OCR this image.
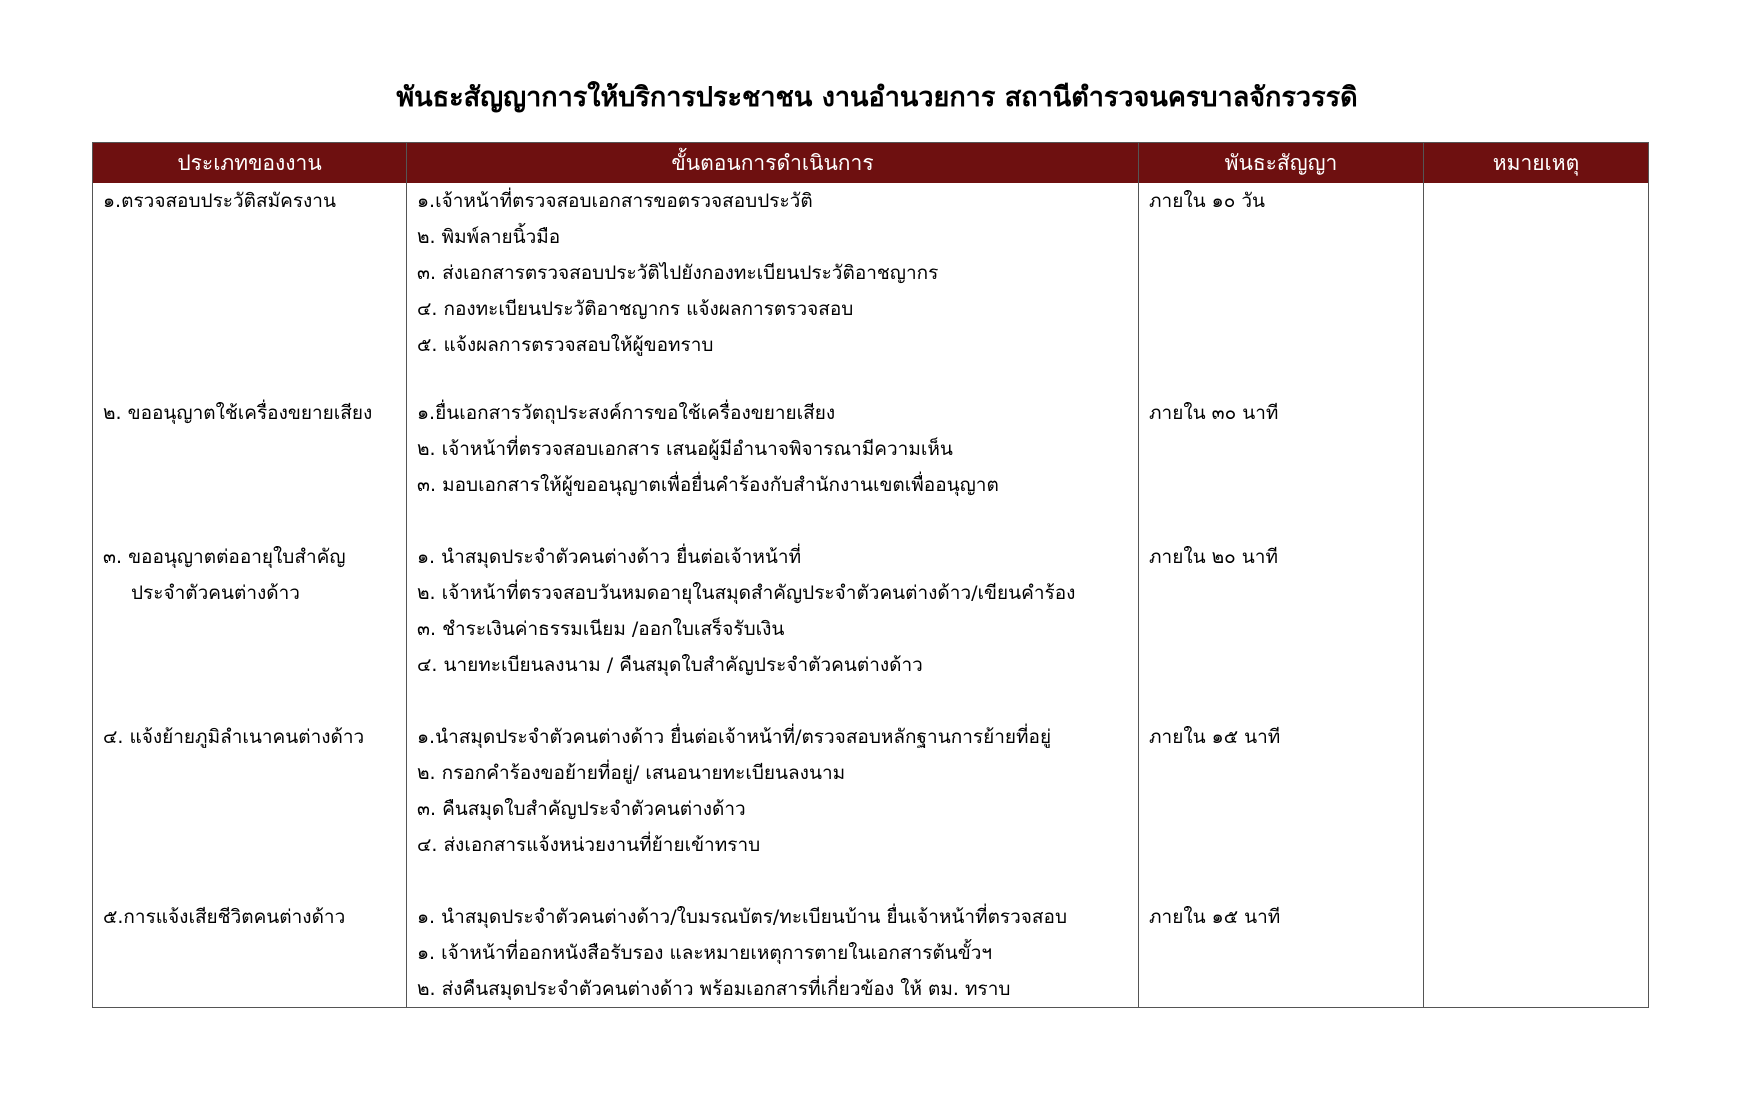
พันธะสัญญาการให้บริการประชาชน งานอำนวยการ สถานีตำรวจนครบาลจักรวรรดิ
ประเภทของงาน	ขั้นตอนการดำเนินการ	พันธะสัญญา	หมายเหตุ

๑.ตรวจสอบประวัติสมัครงาน	๑.เจ้าหน้าที่ตรวจสอบเอกสารขอตรวจสอบประวัติ
๒. พิมพ์ลายนิ้วมือ
๓. ส่งเอกสารตรวจสอบประวัติไปยังกองทะเบียนประวัติอาชญากร
๔. กองทะเบียนประวัติอาชญากร แจ้งผลการตรวจสอบ
๕. แจ้งผลการตรวจสอบให้ผู้ขอทราบ	ภายใน ๑๐ วัน	

๒. ขออนุญาตใช้เครื่องขยายเสียง	๑.ยื่นเอกสารวัตถุประสงค์การขอใช้เครื่องขยายเสียง
๒. เจ้าหน้าที่ตรวจสอบเอกสาร เสนอผู้มีอำนาจพิจารณามีความเห็น
๓. มอบเอกสารให้ผู้ขออนุญาตเพื่อยื่นคำร้องกับสำนักงานเขตเพื่ออนุญาต	ภายใน ๓๐ นาที	

๓. ขออนุญาตต่ออายุใบสำคัญ
ประจำตัวคนต่างด้าว	๑. นำสมุดประจำตัวคนต่างด้าว ยื่นต่อเจ้าหน้าที่
๒. เจ้าหน้าที่ตรวจสอบวันหมดอายุในสมุดสำคัญประจำตัวคนต่างด้าว/เขียนคำร้อง
๓. ชำระเงินค่าธรรมเนียม /ออกใบเสร็จรับเงิน
๔. นายทะเบียนลงนาม / คืนสมุดใบสำคัญประจำตัวคนต่างด้าว	ภายใน ๒๐ นาที	

๔. แจ้งย้ายภูมิลำเนาคนต่างด้าว	๑.นำสมุดประจำตัวคนต่างด้าว ยื่นต่อเจ้าหน้าที่/ตรวจสอบหลักฐานการย้ายที่อยู่
๒. กรอกคำร้องขอย้ายที่อยู่/ เสนอนายทะเบียนลงนาม
๓. คืนสมุดใบสำคัญประจำตัวคนต่างด้าว
๔. ส่งเอกสารแจ้งหน่วยงานที่ย้ายเข้าทราบ	ภายใน ๑๕ นาที	

๕.การแจ้งเสียชีวิตคนต่างด้าว	๑. นำสมุดประจำตัวคนต่างด้าว/ใบมรณบัตร/ทะเบียนบ้าน ยื่นเจ้าหน้าที่ตรวจสอบ
๑. เจ้าหน้าที่ออกหนังสือรับรอง และหมายเหตุการตายในเอกสารต้นขั้วฯ
๒. ส่งคืนสมุดประจำตัวคนต่างด้าว พร้อมเอกสารที่เกี่ยวข้อง ให้ ตม. ทราบ	ภายใน ๑๕ นาที	
